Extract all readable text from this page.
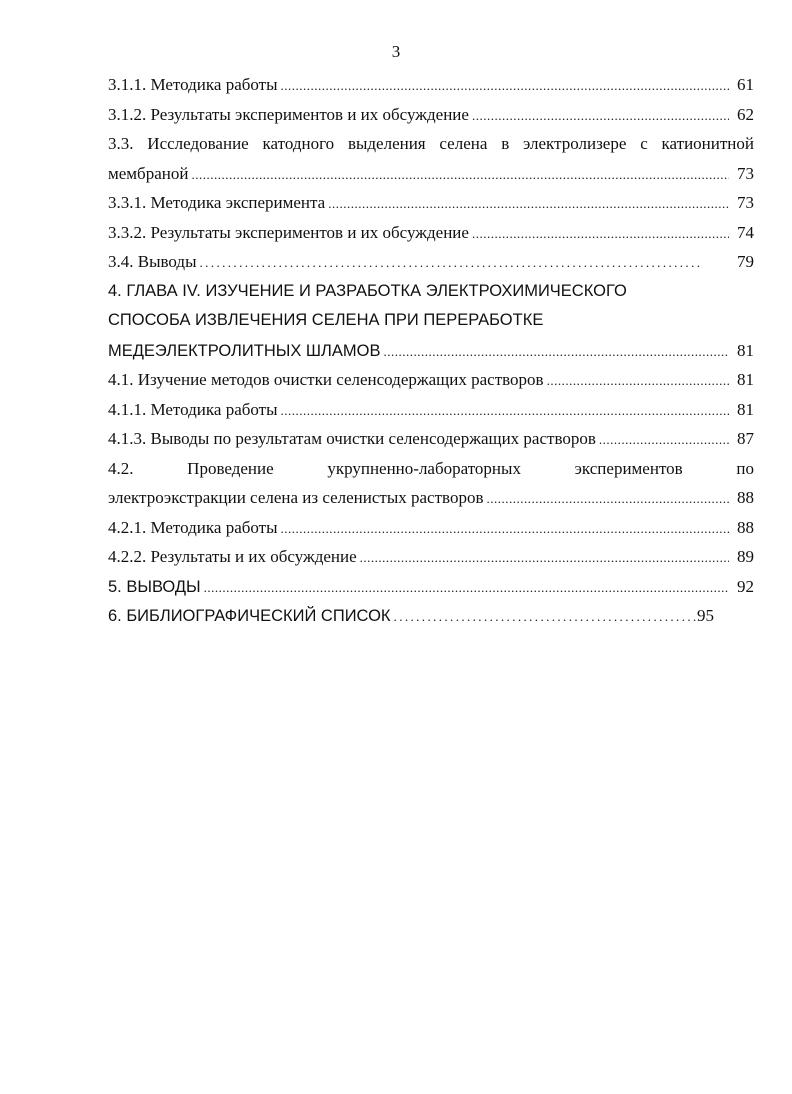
3
3.1.1. Методика работы .....	61
3.1.2. Результаты экспериментов и их обсуждение .....	62
3.3. Исследование катодного выделения селена в электролизере с катионитной
мембраной .....	73
3.3.1. Методика эксперимента .....	73
3.3.2. Результаты экспериментов и их обсуждение .....	74
3.4. Выводы .....	79
4. ГЛАВА IV. ИЗУЧЕНИЕ И РАЗРАБОТКА ЭЛЕКТРОХИМИЧЕСКОГО
СПОСОБА ИЗВЛЕЧЕНИЯ СЕЛЕНА ПРИ ПЕРЕРАБОТКЕ
МЕДЕЭЛЕКТРОЛИТНЫХ ШЛАМОВ .....	81
4.1. Изучение методов очистки селенсодержащих растворов .....	81
4.1.1. Методика работы .....	81
4.1.3. Выводы по результатам очистки селенсодержащих растворов .....	87
4.2.	Проведение	укрупненно-лабораторных	экспериментов	по
электроэкстракции селена из селенистых растворов .....	88
4.2.1. Методика работы .....	88
4.2.2. Результаты и их обсуждение .....	89
5. ВЫВОДЫ .....	92
6. БИБЛИОГРАФИЧЕСКИЙ СПИСОК .....	95
